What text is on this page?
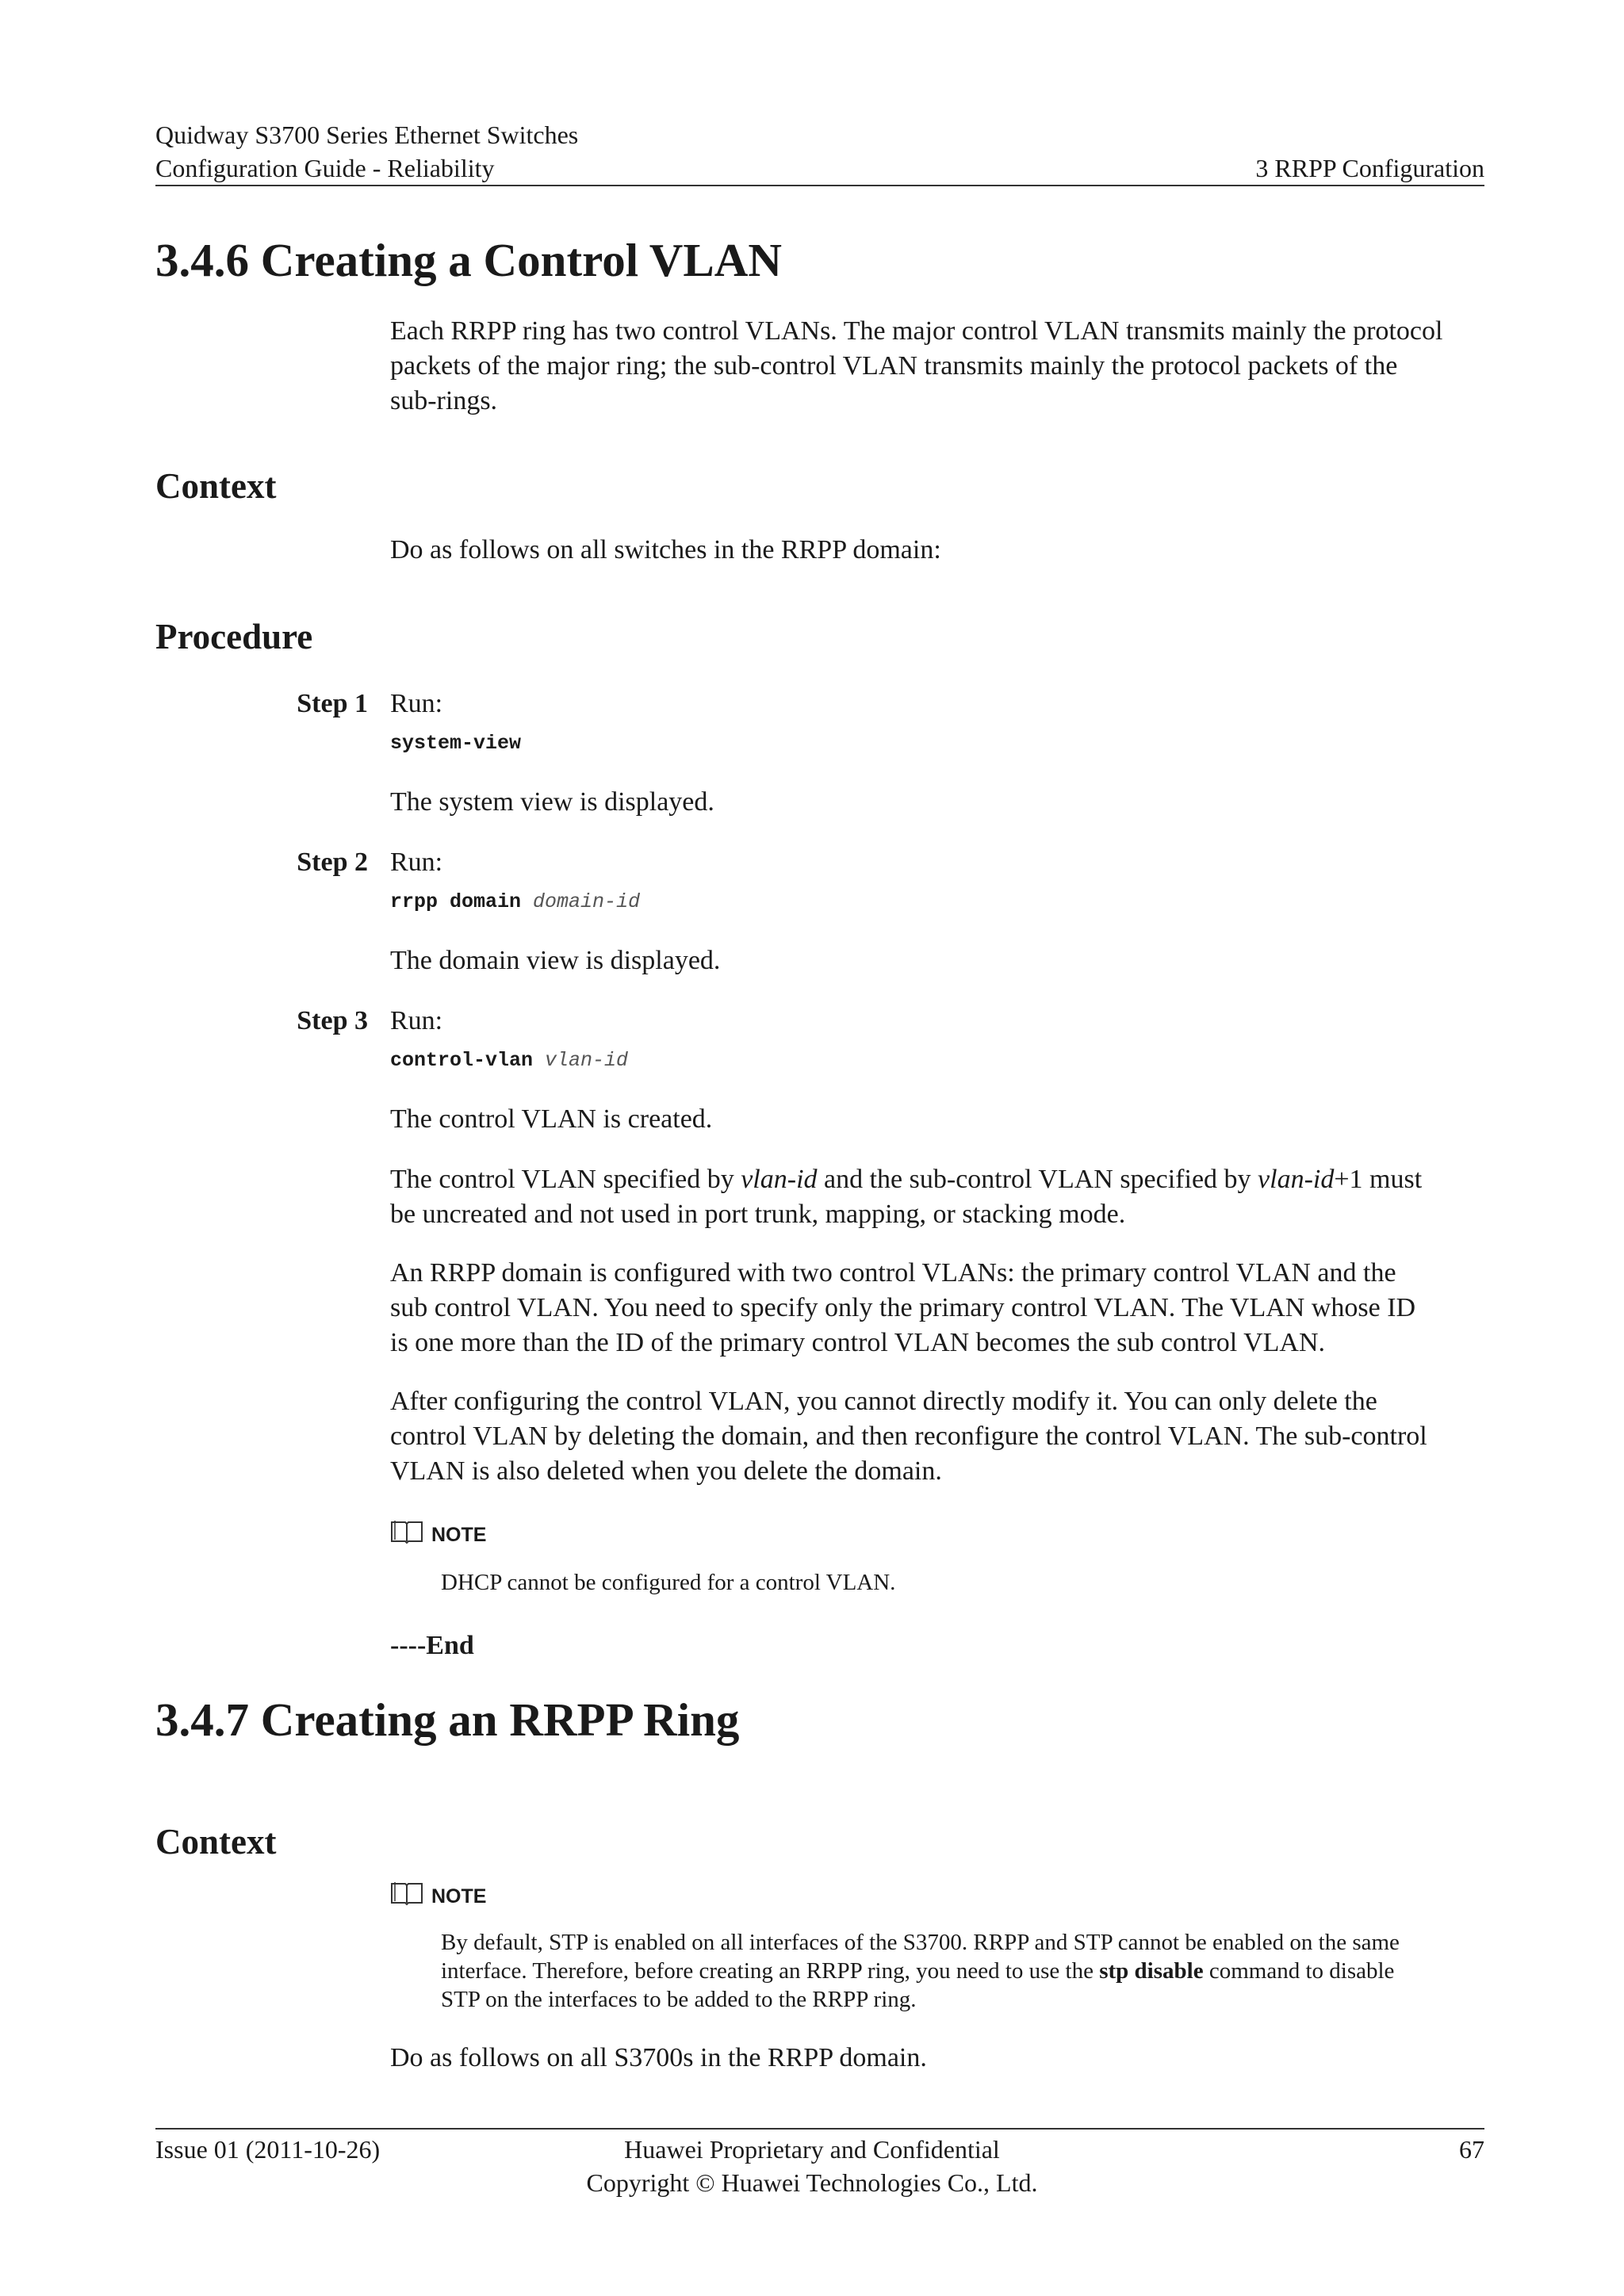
Quidway S3700 Series Ethernet Switches
Configuration Guide - Reliability	3 RRPP Configuration
3.4.6 Creating a Control VLAN
Each RRPP ring has two control VLANs. The major control VLAN transmits mainly the protocol
packets of the major ring; the sub-control VLAN transmits mainly the protocol packets of the
sub-rings.
Context
Do as follows on all switches in the RRPP domain:
Procedure
Step 1 Run:
system-view
The system view is displayed.
Step 2 Run:
rrpp domain domain-id
The domain view is displayed.
Step 3 Run:
control-vlan vlan-id
The control VLAN is created.
The control VLAN specified by vlan-id and the sub-control VLAN specified by vlan-id+1 must
be uncreated and not used in port trunk, mapping, or stacking mode.
An RRPP domain is configured with two control VLANs: the primary control VLAN and the
sub control VLAN. You need to specify only the primary control VLAN. The VLAN whose ID
is one more than the ID of the primary control VLAN becomes the sub control VLAN.
After configuring the control VLAN, you cannot directly modify it. You can only delete the
control VLAN by deleting the domain, and then reconfigure the control VLAN. The sub-control
VLAN is also deleted when you delete the domain.
NOTE
DHCP cannot be configured for a control VLAN.
----End
3.4.7 Creating an RRPP Ring
Context
NOTE
By default, STP is enabled on all interfaces of the S3700. RRPP and STP cannot be enabled on the same
interface. Therefore, before creating an RRPP ring, you need to use the stp disable command to disable
STP on the interfaces to be added to the RRPP ring.
Do as follows on all S3700s in the RRPP domain.
Issue 01 (2011-10-26)	Huawei Proprietary and Confidential
Copyright © Huawei Technologies Co., Ltd.
67
